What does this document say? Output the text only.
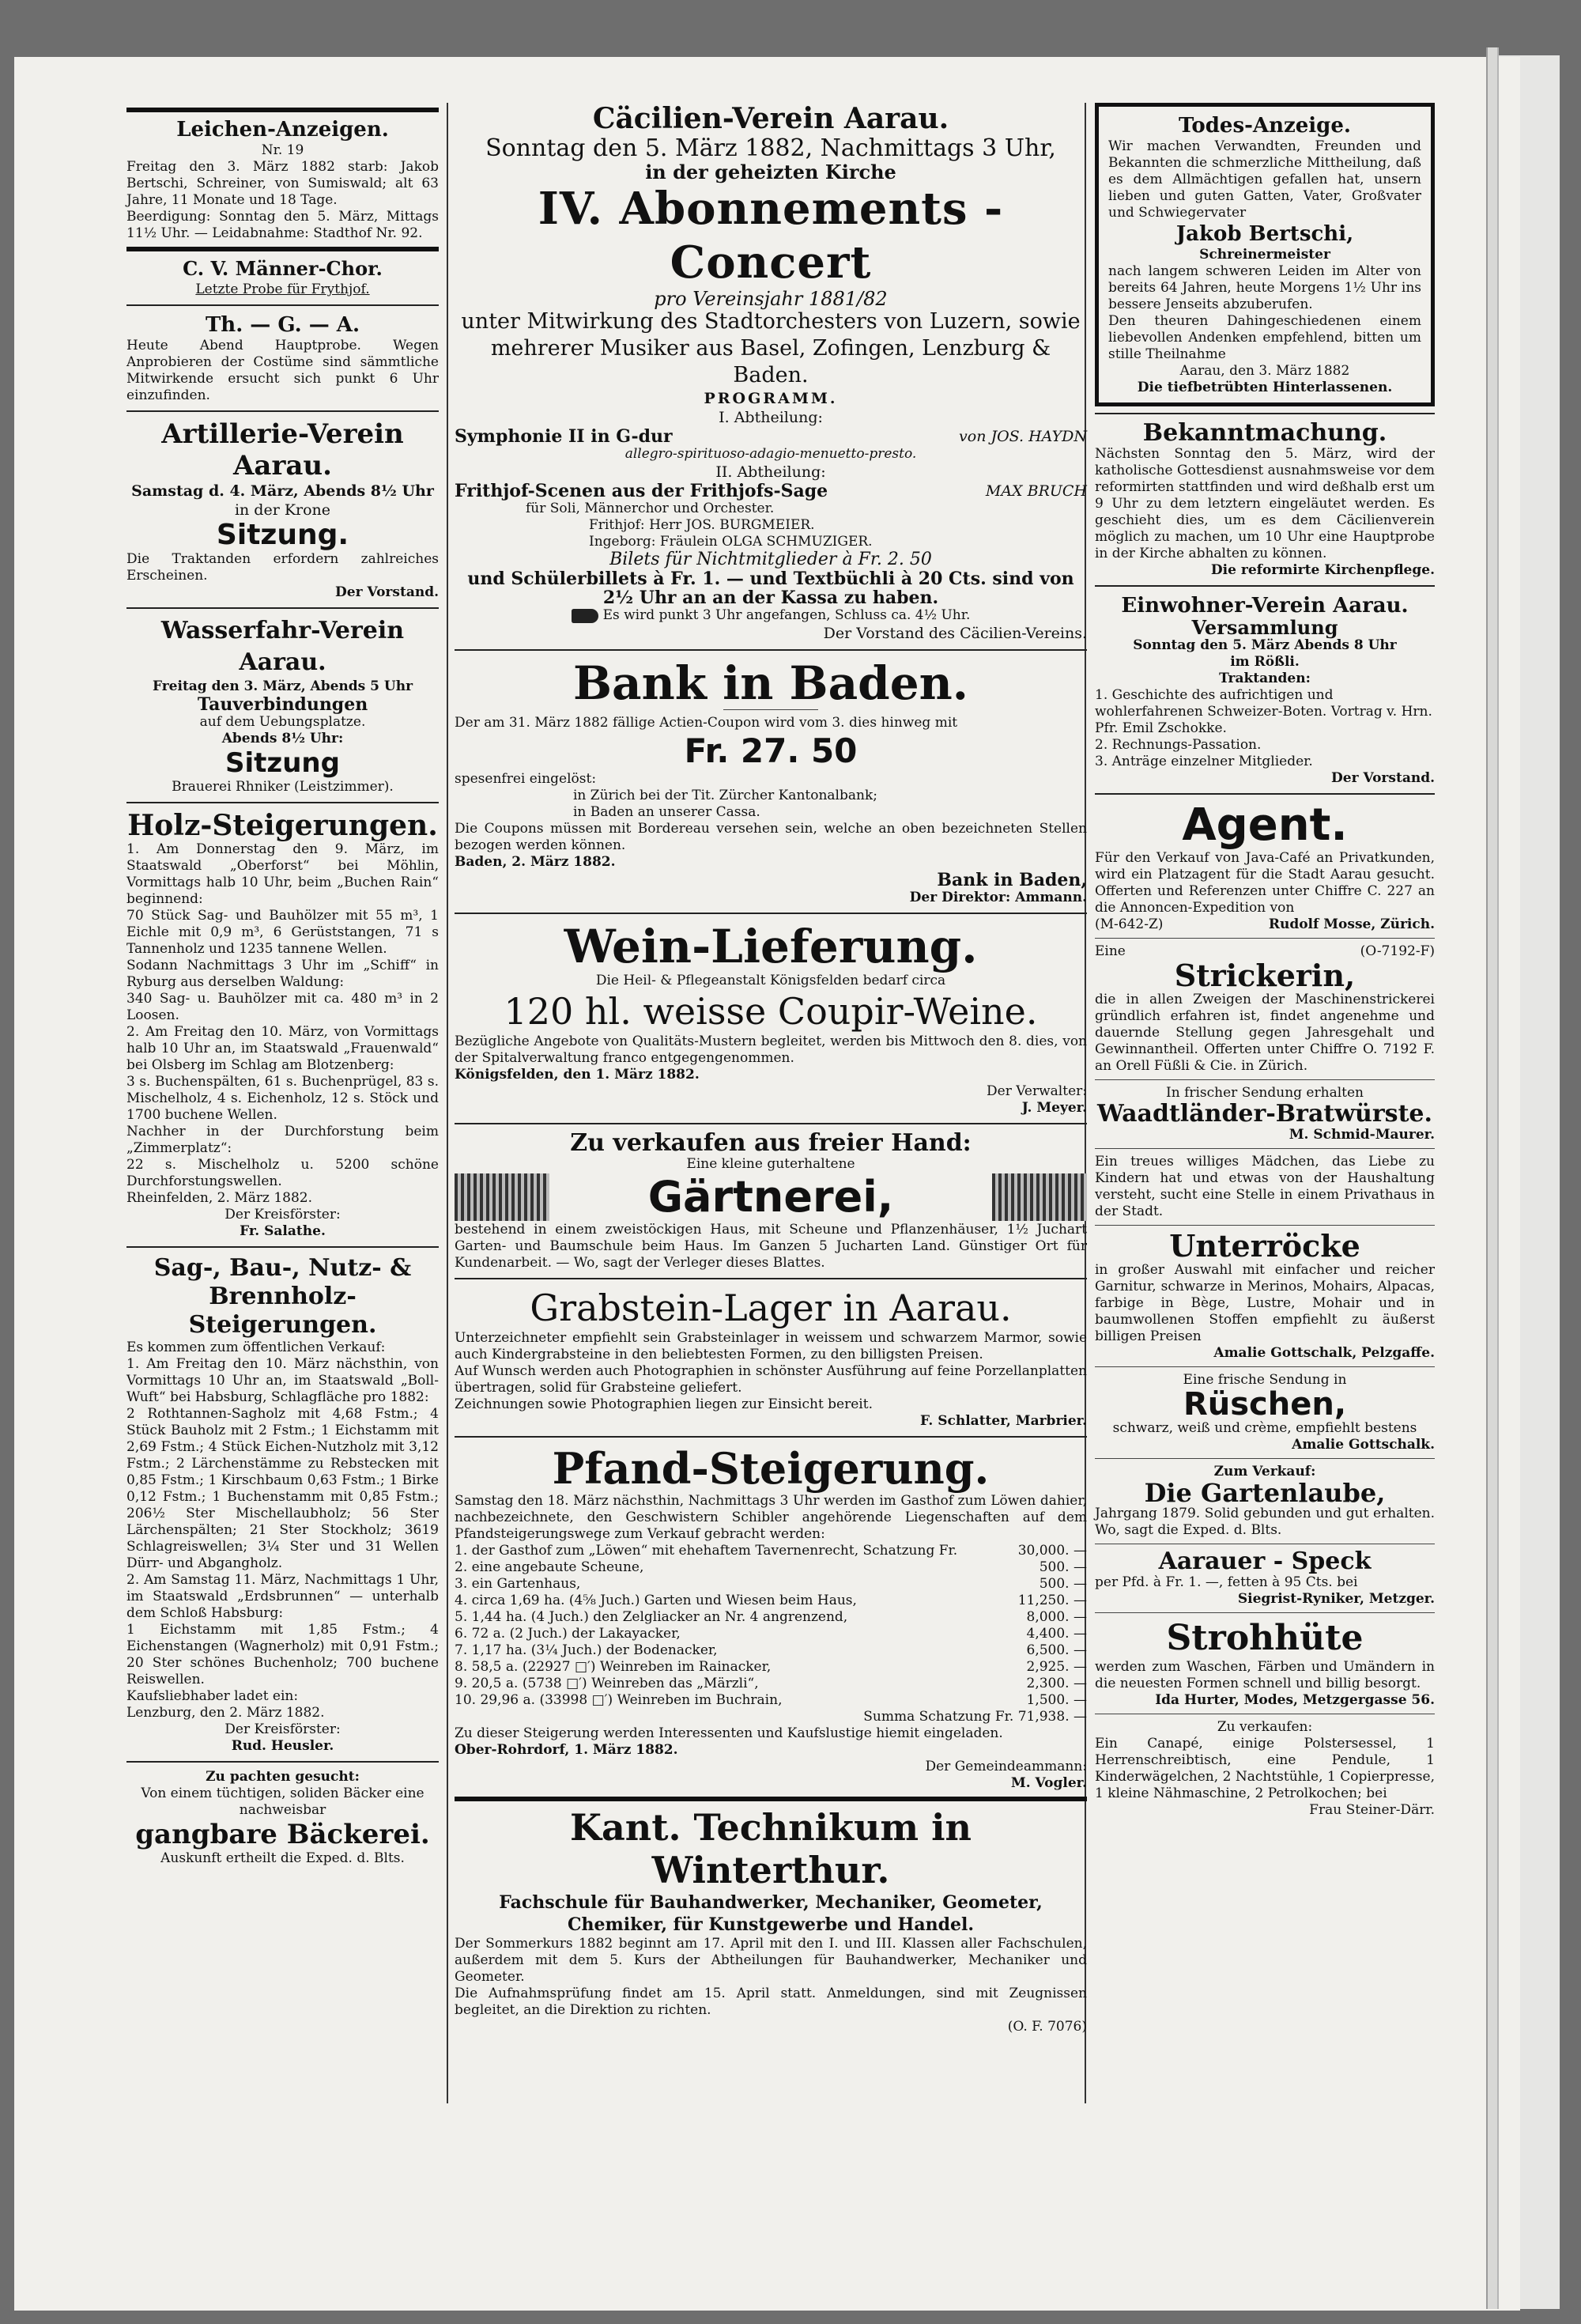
Leichen-Anzeigen.
Nr. 19

Freitag den 3. März 1882 starb: Jakob Bertschi, Schreiner, von Sumiswald; alt 63 Jahre, 11 Monate und 18 Tage.

Beerdigung: Sonntag den 5. März, Mittags 11½ Uhr. — Leidabnahme: Stadthof Nr. 92.

C. V. Männer-Chor.
Letzte Probe für Frythjof.
Th. — G. — A.

Heute Abend Hauptprobe. Wegen Anprobieren der Costüme sind sämmtliche Mitwirkende ersucht sich punkt 6 Uhr einzufinden.

Artillerie-Verein Aarau.
Samstag d. 4. März, Abends 8½ Uhr
in der Krone
Sitzung.

Die Traktanden erfordern zahlreiches Erscheinen.

Der Vorstand.
Wasserfahr-Verein Aarau.
Freitag den 3. März, Abends 5 Uhr
Tauverbindungen
auf dem Uebungsplatze.
Abends 8½ Uhr:
Sitzung
Brauerei Rhniker (Leistzimmer).
Holz-Steigerungen.

1. Am Donnerstag den 9. März, im Staatswald „Oberforst“ bei Möhlin, Vormittags halb 10 Uhr, beim „Buchen Rain“ beginnend:

70 Stück Sag- und Bauhölzer mit 55 m³, 1 Eichle mit 0,9 m³, 6 Gerüststangen, 71 s Tannenholz und 1235 tannene Wellen.

Sodann Nachmittags 3 Uhr im „Schiff“ in Ryburg aus derselben Waldung:

340 Sag- u. Bauhölzer mit ca. 480 m³ in 2 Loosen.

2. Am Freitag den 10. März, von Vormittags halb 10 Uhr an, im Staatswald „Frauenwald“ bei Olsberg im Schlag am Blotzenberg:

3 s. Buchenspälten, 61 s. Buchenprügel, 83 s. Mischelholz, 4 s. Eichenholz, 12 s. Stöck und 1700 buchene Wellen.

Nachher in der Durchforstung beim „Zimmerplatz“:

22 s. Mischelholz u. 5200 schöne Durchforstungswellen.

Rheinfelden, 2. März 1882.
Der Kreisförster:
Fr. Salathe.
Sag-, Bau-, Nutz- & Brennholz-Steigerungen.

Es kommen zum öffentlichen Verkauf:

1. Am Freitag den 10. März nächsthin, von Vormittags 10 Uhr an, im Staatswald „Boll-Wuft“ bei Habsburg, Schlagfläche pro 1882:

2 Rothtannen-Sagholz mit 4,68 Fstm.; 4 Stück Bauholz mit 2 Fstm.; 1 Eichstamm mit 2,69 Fstm.; 4 Stück Eichen-Nutzholz mit 3,12 Fstm.; 2 Lärchenstämme zu Rebstecken mit 0,85 Fstm.; 1 Kirschbaum 0,63 Fstm.; 1 Birke 0,12 Fstm.; 1 Buchenstamm mit 0,85 Fstm.; 206½ Ster Mischellaubholz; 56 Ster Lärchenspälten; 21 Ster Stockholz; 3619 Schlagreiswellen; 3¼ Ster und 31 Wellen Dürr- und Abgangholz.

2. Am Samstag 11. März, Nachmittags 1 Uhr, im Staatswald „Erdsbrunnen“ — unterhalb dem Schloß Habsburg:

1 Eichstamm mit 1,85 Fstm.; 4 Eichenstangen (Wagnerholz) mit 0,91 Fstm.; 20 Ster schönes Buchenholz; 700 buchene Reiswellen.

Kaufsliebhaber ladet ein:
Lenzburg, den 2. März 1882.
Der Kreisförster:
Rud. Heusler.
Zu pachten gesucht:
Von einem tüchtigen, soliden Bäcker eine nachweisbar
gangbare Bäckerei.
Auskunft ertheilt die Exped. d. Blts.
Cäcilien-Verein Aarau.
Sonntag den 5. März 1882, Nachmittags 3 Uhr,
in der geheizten Kirche
IV. Abonnements - Concert
pro Vereinsjahr 1881/82
unter Mitwirkung des Stadtorchesters von Luzern, sowie mehrerer Musiker aus Basel, Zofingen, Lenzburg & Baden.
PROGRAMM.
I. Abtheilung:
Symphonie II in G-dur	von JOS. HAYDN
allegro-spirituoso-adagio-menuetto-presto.
II. Abtheilung:
Frithjof-Scenen aus der Frithjofs-Sage	MAX BRUCH
für Soli, Männerchor und Orchester.
Frithjof: Herr JOS. BURGMEIER.
Ingeborg: Fräulein OLGA SCHMUZIGER.
Bilets für Nichtmitglieder à Fr. 2. 50
und Schülerbillets à Fr. 1. — und Textbüchli à 20 Cts. sind von 2½ Uhr an an der Kassa zu haben.
Es wird punkt 3 Uhr angefangen, Schluss ca. 4½ Uhr.
Der Vorstand des Cäcilien-Vereins.
Bank in Baden.

Der am 31. März 1882 fällige Actien-Coupon wird vom 3. dies hinweg mit

Fr. 27. 50
spesenfrei eingelöst:
in Zürich bei der Tit. Zürcher Kantonalbank;
in Baden an unserer Cassa.

Die Coupons müssen mit Bordereau versehen sein, welche an oben bezeichneten Stellen bezogen werden können.

Baden, 2. März 1882.
Bank in Baden,
Der Direktor: Ammann.
Wein-Lieferung.
Die Heil- & Pflegeanstalt Königsfelden bedarf circa
120 hl. weisse Coupir-Weine.

Bezügliche Angebote von Qualitäts-Mustern begleitet, werden bis Mittwoch den 8. dies, von der Spitalverwaltung franco entgegengenommen.

Königsfelden, den 1. März 1882.
Der Verwalter:
J. Meyer.
Zu verkaufen aus freier Hand:
Eine kleine guterhaltene
Gärtnerei,

bestehend in einem zweistöckigen Haus, mit Scheune und Pflanzenhäuser, 1½ Juchart Garten- und Baumschule beim Haus. Im Ganzen 5 Jucharten Land. Günstiger Ort für Kundenarbeit. — Wo, sagt der Verleger dieses Blattes.

Grabstein-Lager in Aarau.

Unterzeichneter empfiehlt sein Grabsteinlager in weissem und schwarzem Marmor, sowie auch Kindergrabsteine in den beliebtesten Formen, zu den billigsten Preisen.

Auf Wunsch werden auch Photographien in schönster Ausführung auf feine Porzellanplatten übertragen, solid für Grabsteine geliefert.

Zeichnungen sowie Photographien liegen zur Einsicht bereit.

F. Schlatter, Marbrier.
Pfand-Steigerung.

Samstag den 18. März nächsthin, Nachmittags 3 Uhr werden im Gasthof zum Löwen dahier, nachbezeichnete, den Geschwistern Schibler angehörende Liegenschaften auf dem Pfandsteigerungswege zum Verkauf gebracht werden:

1. der Gasthof zum „Löwen“ mit ehehaftem Tavernenrecht, Schatzung Fr.	30,000. —
2. eine angebaute Scheune,	500. —
3. ein Gartenhaus,	500. —
4. circa 1,69 ha. (4⅝ Juch.) Garten und Wiesen beim Haus,	11,250. —
5. 1,44 ha. (4 Juch.) den Zelgliacker an Nr. 4 angrenzend,	8,000. —
6. 72 a. (2 Juch.) der Lakayacker,	4,400. —
7. 1,17 ha. (3¼ Juch.) der Bodenacker,	6,500. —
8. 58,5 a. (22927 □′) Weinreben im Rainacker,	2,925. —
9. 20,5 a. (5738 □′) Weinreben das „Märzli“,	2,300. —
10. 29,96 a. (33998 □′) Weinreben im Buchrain,	1,500. —
Summa Schatzung Fr. 71,938. —

Zu dieser Steigerung werden Interessenten und Kaufslustige hiemit eingeladen.

Ober-Rohrdorf, 1. März 1882.
Der Gemeindeammann:
M. Vogler.
Kant. Technikum in Winterthur.
Fachschule für Bauhandwerker, Mechaniker, Geometer, Chemiker, für Kunstgewerbe und Handel.

Der Sommerkurs 1882 beginnt am 17. April mit den I. und III. Klassen aller Fachschulen, außerdem mit dem 5. Kurs der Abtheilungen für Bauhandwerker, Mechaniker und Geometer.

Die Aufnahmsprüfung findet am 15. April statt. Anmeldungen, sind mit Zeugnissen begleitet, an die Direktion zu richten.

(O. F. 7076)
Todes-Anzeige.

Wir machen Verwandten, Freunden und Bekannten die schmerzliche Mittheilung, daß es dem Allmächtigen gefallen hat, unsern lieben und guten Gatten, Vater, Großvater und Schwiegervater

Jakob Bertschi,
Schreinermeister

nach langem schweren Leiden im Alter von bereits 64 Jahren, heute Morgens 1½ Uhr ins bessere Jenseits abzuberufen.

Den theuren Dahingeschiedenen einem liebevollen Andenken empfehlend, bitten um stille Theilnahme

Aarau, den 3. März 1882
Die tiefbetrübten Hinterlassenen.
Bekanntmachung.

Nächsten Sonntag den 5. März, wird der katholische Gottesdienst ausnahmsweise vor dem reformirten stattfinden und wird deßhalb erst um 9 Uhr zu dem letztern eingeläutet werden. Es geschieht dies, um es dem Cäcilienverein möglich zu machen, um 10 Uhr eine Hauptprobe in der Kirche abhalten zu können.

Die reformirte Kirchenpflege.
Einwohner-Verein Aarau.
Versammlung
Sonntag den 5. März Abends 8 Uhr
im Rößli.
Traktanden:
1. Geschichte des aufrichtigen und wohlerfahrenen Schweizer-Boten. Vortrag v. Hrn. Pfr. Emil Zschokke.
2. Rechnungs-Passation.
3. Anträge einzelner Mitglieder.
Der Vorstand.
Agent.

Für den Verkauf von Java-Café an Privatkunden, wird ein Platzagent für die Stadt Aarau gesucht. Offerten und Referenzen unter Chiffre C. 227 an die Annoncen-Expedition von

(M-642-Z)	Rudolf Mosse, Zürich.
Eine	(O-7192-F)
Strickerin,

die in allen Zweigen der Maschinenstrickerei gründlich erfahren ist, findet angenehme und dauernde Stellung gegen Jahresgehalt und Gewinnantheil. Offerten unter Chiffre O. 7192 F. an Orell Füßli & Cie. in Zürich.

In frischer Sendung erhalten
Waadtländer-Bratwürste.
M. Schmid-Maurer.

Ein treues williges Mädchen, das Liebe zu Kindern hat und etwas von der Haushaltung versteht, sucht eine Stelle in einem Privathaus in der Stadt.

Unterröcke

in großer Auswahl mit einfacher und reicher Garnitur, schwarze in Merinos, Mohairs, Alpacas, farbige in Bège, Lustre, Mohair und in baumwollenen Stoffen empfiehlt zu äußerst billigen Preisen

Amalie Gottschalk, Pelzgaffe.
Eine frische Sendung in
Rüschen,
schwarz, weiß und crème, empfiehlt bestens
Amalie Gottschalk.
Zum Verkauf:
Die Gartenlaube,

Jahrgang 1879. Solid gebunden und gut erhalten. Wo, sagt die Exped. d. Blts.

Aarauer - Speck
per Pfd. à Fr. 1. —, fetten à 95 Cts. bei
Siegrist-Ryniker, Metzger.
Strohhüte

werden zum Waschen, Färben und Umändern in die neuesten Formen schnell und billig besorgt.

Ida Hurter, Modes, Metzgergasse 56.
Zu verkaufen:

Ein Canapé, einige Polstersessel, 1 Herrenschreibtisch, eine Pendule, 1 Kinderwägelchen, 2 Nachtstühle, 1 Copierpresse, 1 kleine Nähmaschine, 2 Petrolkochen; bei

Frau Steiner-Därr.
